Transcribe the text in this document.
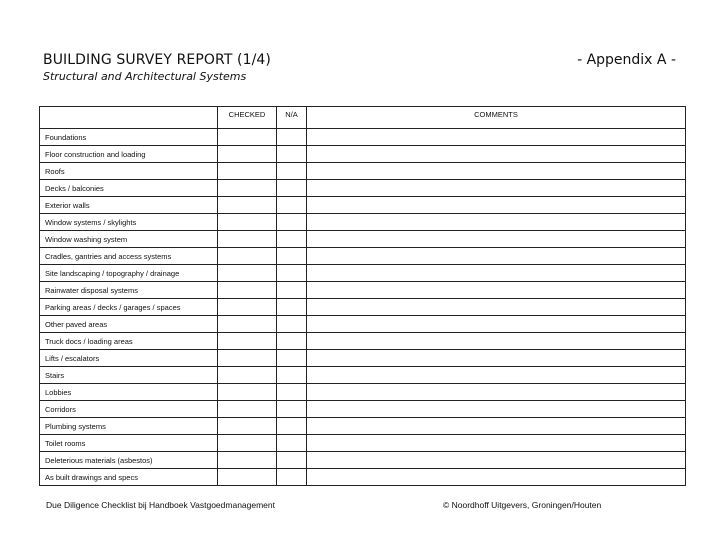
BUILDING SURVEY REPORT (1/4)
Structural and Architectural Systems
- Appendix A -
	CHECKED	N/A	COMMENTS
Foundations			
Floor construction and loading			
Roofs			
Decks / balconies			
Exterior walls			
Window systems / skylights			
Window washing system			
Cradles, gantries and access systems			
Site landscaping / topography / drainage			
Rainwater disposal systems			
Parking areas / decks / garages / spaces			
Other paved areas			
Truck docs / loading areas			
Lifts / escalators			
Stairs			
Lobbies			
Corridors			
Plumbing systems			
Toilet rooms			
Deleterious materials (asbestos)			
As built drawings and specs			
Due Diligence Checklist bij Handboek Vastgoedmanagement	© Noordhoff Uitgevers, Groningen/Houten
